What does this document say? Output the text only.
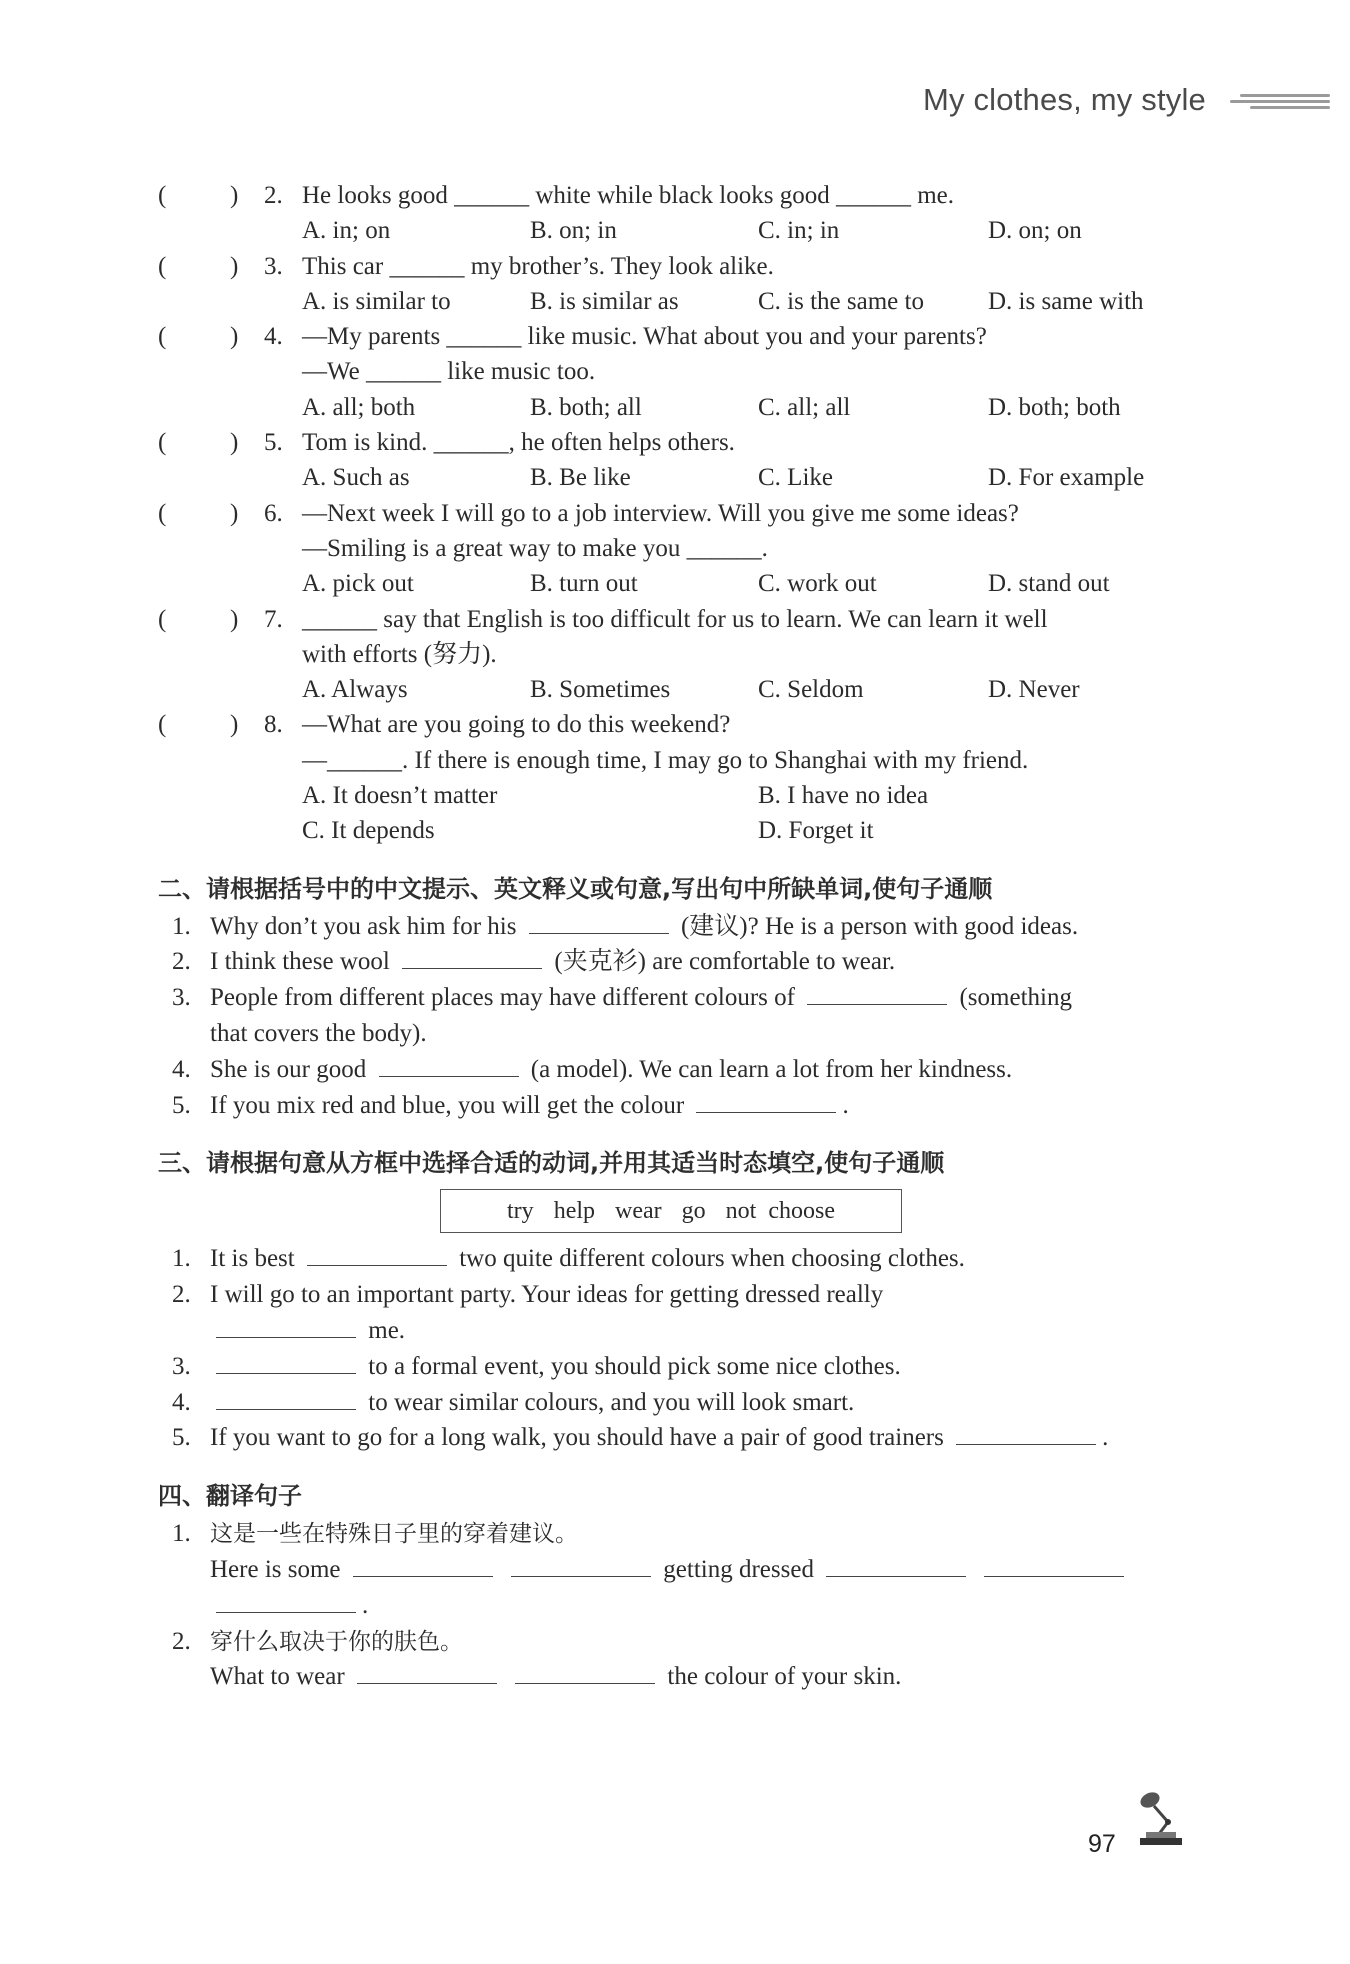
My clothes, my style
(	) 2. He looks good ______ white while black looks good ______ me.
A. in; on	B. on; in	C. in; in	D. on; on
(	) 3. This car ______ my brother’s. They look alike.
A. is similar to	B. is similar as	C. is the same to	D. is same with
(	) 4. —My parents ______ like music. What about you and your parents?
—We ______ like music too.
A. all; both	B. both; all	C. all; all	D. both; both
(	) 5. Tom is kind. ______, he often helps others.
A. Such as	B. Be like	C. Like	D. For example
(	) 6. —Next week I will go to a job interview. Will you give me some ideas?
—Smiling is a great way to make you ______.
A. pick out	B. turn out	C. work out	D. stand out
(	) 7. ______ say that English is too difficult for us to learn. We can learn it well
with efforts (努力).
A. Always	B. Sometimes	C. Seldom	D. Never
(	) 8. —What are you going to do this weekend?
—______. If there is enough time, I may go to Shanghai with my friend.
A. It doesn’t matter	B. I have no idea
C. It depends	D. Forget it
二、请根据括号中的中文提示、英文释义或句意,写出句中所缺单词,使句子通顺
1. Why don’t you ask him for his	(建议)? He is a person with good ideas.
2. I think these wool	(夹克衫) are comfortable to wear.
3. People from different places may have different colours of	(something
that covers the body).
4. She is our good	(a model). We can learn a lot from her kindness.
5. If you mix red and blue, you will get the colour	.
三、请根据句意从方框中选择合适的动词,并用其适当时态填空,使句子通顺
try help wear go not choose
1. It is best	two quite different colours when choosing clothes.
2. I will go to an important party. Your ideas for getting dressed really
me.
3.	to a formal event, you should pick some nice clothes.
4.	to wear similar colours, and you will look smart.
5. If you want to go for a long walk, you should have a pair of good trainers	.
四、翻译句子
1. 这是一些在特殊日子里的穿着建议。
Here is some	getting dressed
.
2. 穿什么取决于你的肤色。
What to wear	the colour of your skin.
97
